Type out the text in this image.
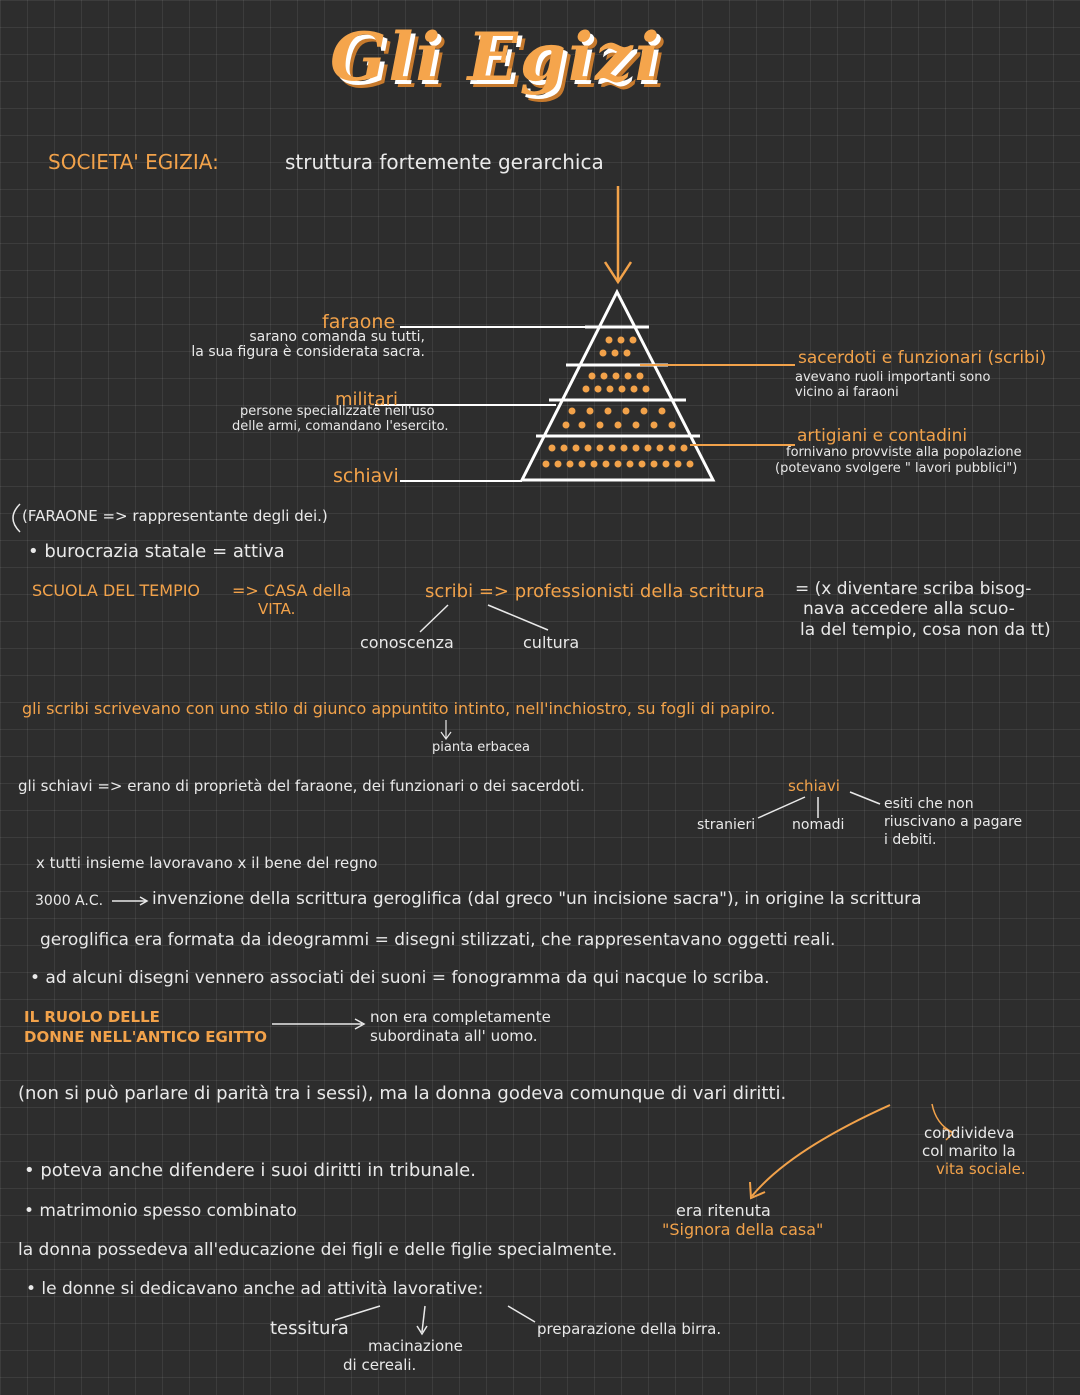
Gli Egizi
SOCIETA' EGIZIA:	struttura fortemente gerarchica
faraone
sarano comanda su tutti,
la sua figura è considerata sacra.
militari
persone specializzate nell'uso
delle armi, comandano l'esercito.
schiavi
sacerdoti e funzionari (scribi)
avevano ruoli importanti sono
vicino ai faraoni
artigiani e contadini
fornivano provviste alla popolazione
(potevano svolgere " lavori pubblici")
(FARAONE => rappresentante degli dei.)
• burocrazia statale = attiva
SCUOLA DEL TEMPIO => CASA della
VITA.
scribi => professionisti della scrittura = (x diventare scriba bisog-
nava accedere alla scuo-
la del tempio, cosa non da tt)
conoscenza	cultura
gli scribi scrivevano con uno stilo di giunco appuntito intinto, nell'inchiostro, su fogli di papiro.
pianta erbacea
gli schiavi => erano di proprietà del faraone, dei funzionari o dei sacerdoti.	schiavi
stranieri	nomadi
esiti che non
riuscivano a pagare
i debiti.
x tutti insieme lavoravano x il bene del regno
3000 A.C.	invenzione della scrittura geroglifica (dal greco "un incisione sacra"), in origine la scrittura
geroglifica era formata da ideogrammi = disegni stilizzati, che rappresentavano oggetti reali.
• ad alcuni disegni vennero associati dei suoni = fonogramma da qui nacque lo scriba.
IL RUOLO DELLE
DONNE NELL'ANTICO EGITTO
non era completamente
subordinata all' uomo.
(non si può parlare di parità tra i sessi), ma la donna godeva comunque di vari diritti.
condivideva
col marito la
vita sociale.
• poteva anche difendere i suoi diritti in tribunale.
• matrimonio spesso combinato	era ritenuta
"Signora della casa"
la donna possedeva all'educazione dei figli e delle figlie specialmente.
• le donne si dedicavano anche ad attività lavorative:
tessitura
macinazione
di cereali.
preparazione della birra.
